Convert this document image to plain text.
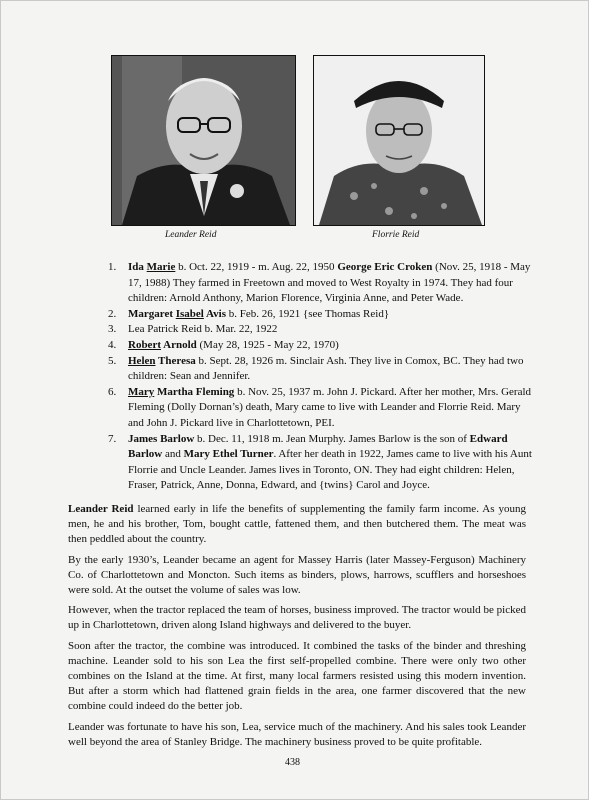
Leander Reid	Florrie Reid
1.	Ida Marie b. Oct. 22, 1919 - m. Aug. 22, 1950 George Eric Croken (Nov. 25, 1918 - May 17, 1988) They farmed in Freetown and moved to West Royalty in 1974. They had four children: Arnold Anthony, Marion Florence, Virginia Anne, and Peter Wade.
2.	Margaret Isabel Avis b. Feb. 26, 1921 {see Thomas Reid}
3.	Lea Patrick Reid b. Mar. 22, 1922
4.	Robert Arnold (May 28, 1925 - May 22, 1970)
5.	Helen Theresa b. Sept. 28, 1926 m. Sinclair Ash. They live in Comox, BC. They had two children: Sean and Jennifer.
6.	Mary Martha Fleming b. Nov. 25, 1937 m. John J. Pickard. After her mother, Mrs. Gerald Fleming (Dolly Dornan’s) death, Mary came to live with Leander and Florrie Reid. Mary and John J. Pickard live in Charlottetown, PEI.
7.	James Barlow b. Dec. 11, 1918 m. Jean Murphy. James Barlow is the son of Edward Barlow and Mary Ethel Turner. After her death in 1922, James came to live with his Aunt Florrie and Uncle Leander. James lives in Toronto, ON. They had eight children: Helen, Fraser, Patrick, Anne, Donna, Edward, and {twins} Carol and Joyce.

Leander Reid learned early in life the benefits of supplementing the family farm income. As young men, he and his brother, Tom, bought cattle, fattened them, and then butchered them. The meat was then peddled about the country.

By the early 1930’s, Leander became an agent for Massey Harris (later Massey-Ferguson) Machinery Co. of Charlottetown and Moncton. Such items as binders, plows, harrows, scufflers and horseshoes were sold. At the outset the volume of sales was low.

However, when the tractor replaced the team of horses, business improved. The tractor would be picked up in Charlottetown, driven along Island highways and delivered to the buyer.

Soon after the tractor, the combine was introduced. It combined the tasks of the binder and threshing machine. Leander sold to his son Lea the first self-propelled combine. There were only two other combines on the Island at the time. At first, many local farmers resisted using this modern invention. But after a storm which had flattened grain fields in the area, one farmer discovered that the new combine could indeed do the better job.

Leander was fortunate to have his son, Lea, service much of the machinery. And his sales took Leander well beyond the area of Stanley Bridge. The machinery business proved to be quite profitable.

438
